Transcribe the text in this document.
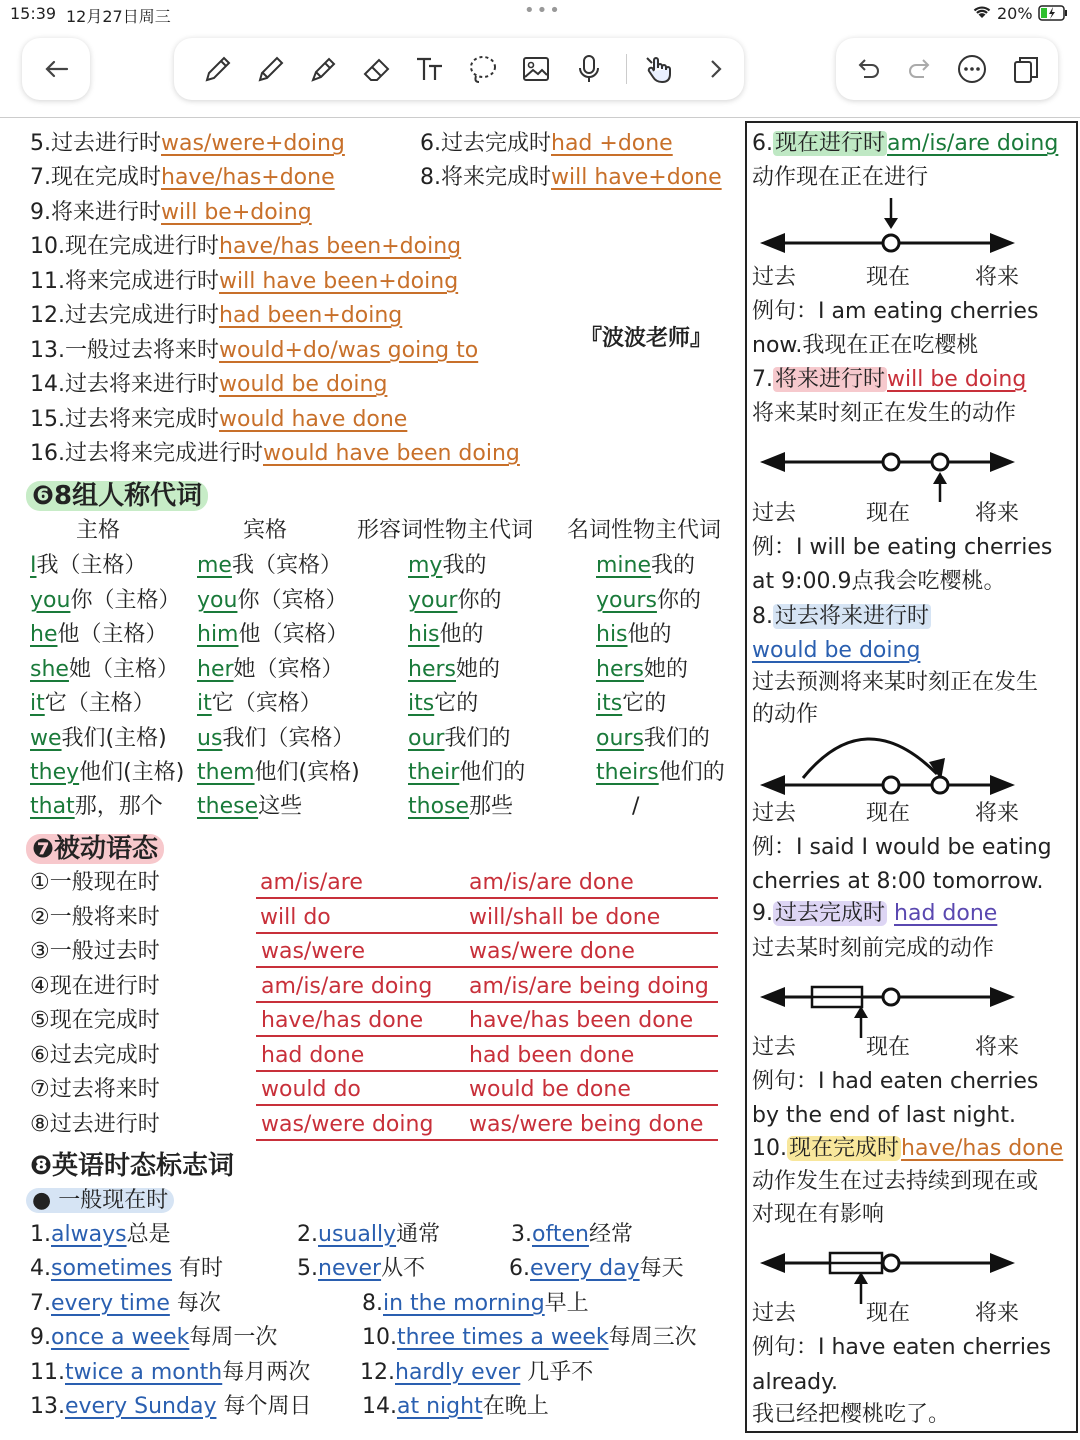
15:39 12月27日周三	•••	20%
5.过去进行时was/were+doing	6.过去完成时had +done
7.现在完成时have/has+done	8.将来完成时will have+done
9.将来进行时will be+doing
10.现在完成进行时have/has been+doing
11.将来完成进行时will have been+doing
12.过去完成进行时had been+doing
13.一般过去将来时would+do/was going to	『波波老师』
14.过去将来进行时would be doing
15.过去将来完成时would have done
16.过去将来完成进行时would have been doing
❻8组人称代词
主格	宾格	形容词性物主代词 名词性物主代词
I我（主格） me我（宾格）	my我的	mine我的
you你（主格） you你（宾格）	your你的	yours你的
he他（主格） him他（宾格）	his他的	his他的
she她（主格） her她（宾格）	hers她的	hers她的
it它（主格） it它（宾格）	its它的	its它的
we我们(主格) us我们（宾格） our我们的	ours我们的
they他们(主格) them他们(宾格) their他们的	theirs他们的
that那，那个 these这些	those那些	/
❼被动语态
①一般现在时	am/is/are	am/is/are done
②一般将来时	will do	will/shall be done
③一般过去时	was/were	was/were done
④现在进行时	am/is/are doing am/is/are being doing
⑤现在完成时	have/has done have/has been done
⑥过去完成时	had done	had been done
⑦过去将来时	would do	would be done
⑧过去进行时	was/were doing was/were being done
❽英语时态标志词
● 一般现在时
1.always总是	2.usually通常	3.often经常
4.sometimes 有时	5.never从不	6.every day每天
7.every time 每次	8.in the morning早上
9.once a week每周一次	10.three times a week每周三次
11.twice a month每月两次 12.hardly ever 几乎不
13.every Sunday 每个周日 14.at night在晚上
6.现在进行时am/is/are doing
动作现在正在进行
过去	现在	将来
例句：I am eating cherries
now.我现在正在吃樱桃
7.将来进行时will be doing
将来某时刻正在发生的动作
过去	现在	将来
例：I will be eating cherries
at 9:00.9点我会吃樱桃。
8.过去将来进行时
would be doing
过去预测将来某时刻正在发生
的动作
过去	现在	将来
例：I said I would be eating
cherries at 8:00 tomorrow.
9.过去完成时 had done
过去某时刻前完成的动作
过去	现在	将来
例句：I had eaten cherries
by the end of last night.
10.现在完成时have/has done
动作发生在过去持续到现在或
对现在有影响
过去	现在	将来
例句：I have eaten cherries
already.
我已经把樱桃吃了。
